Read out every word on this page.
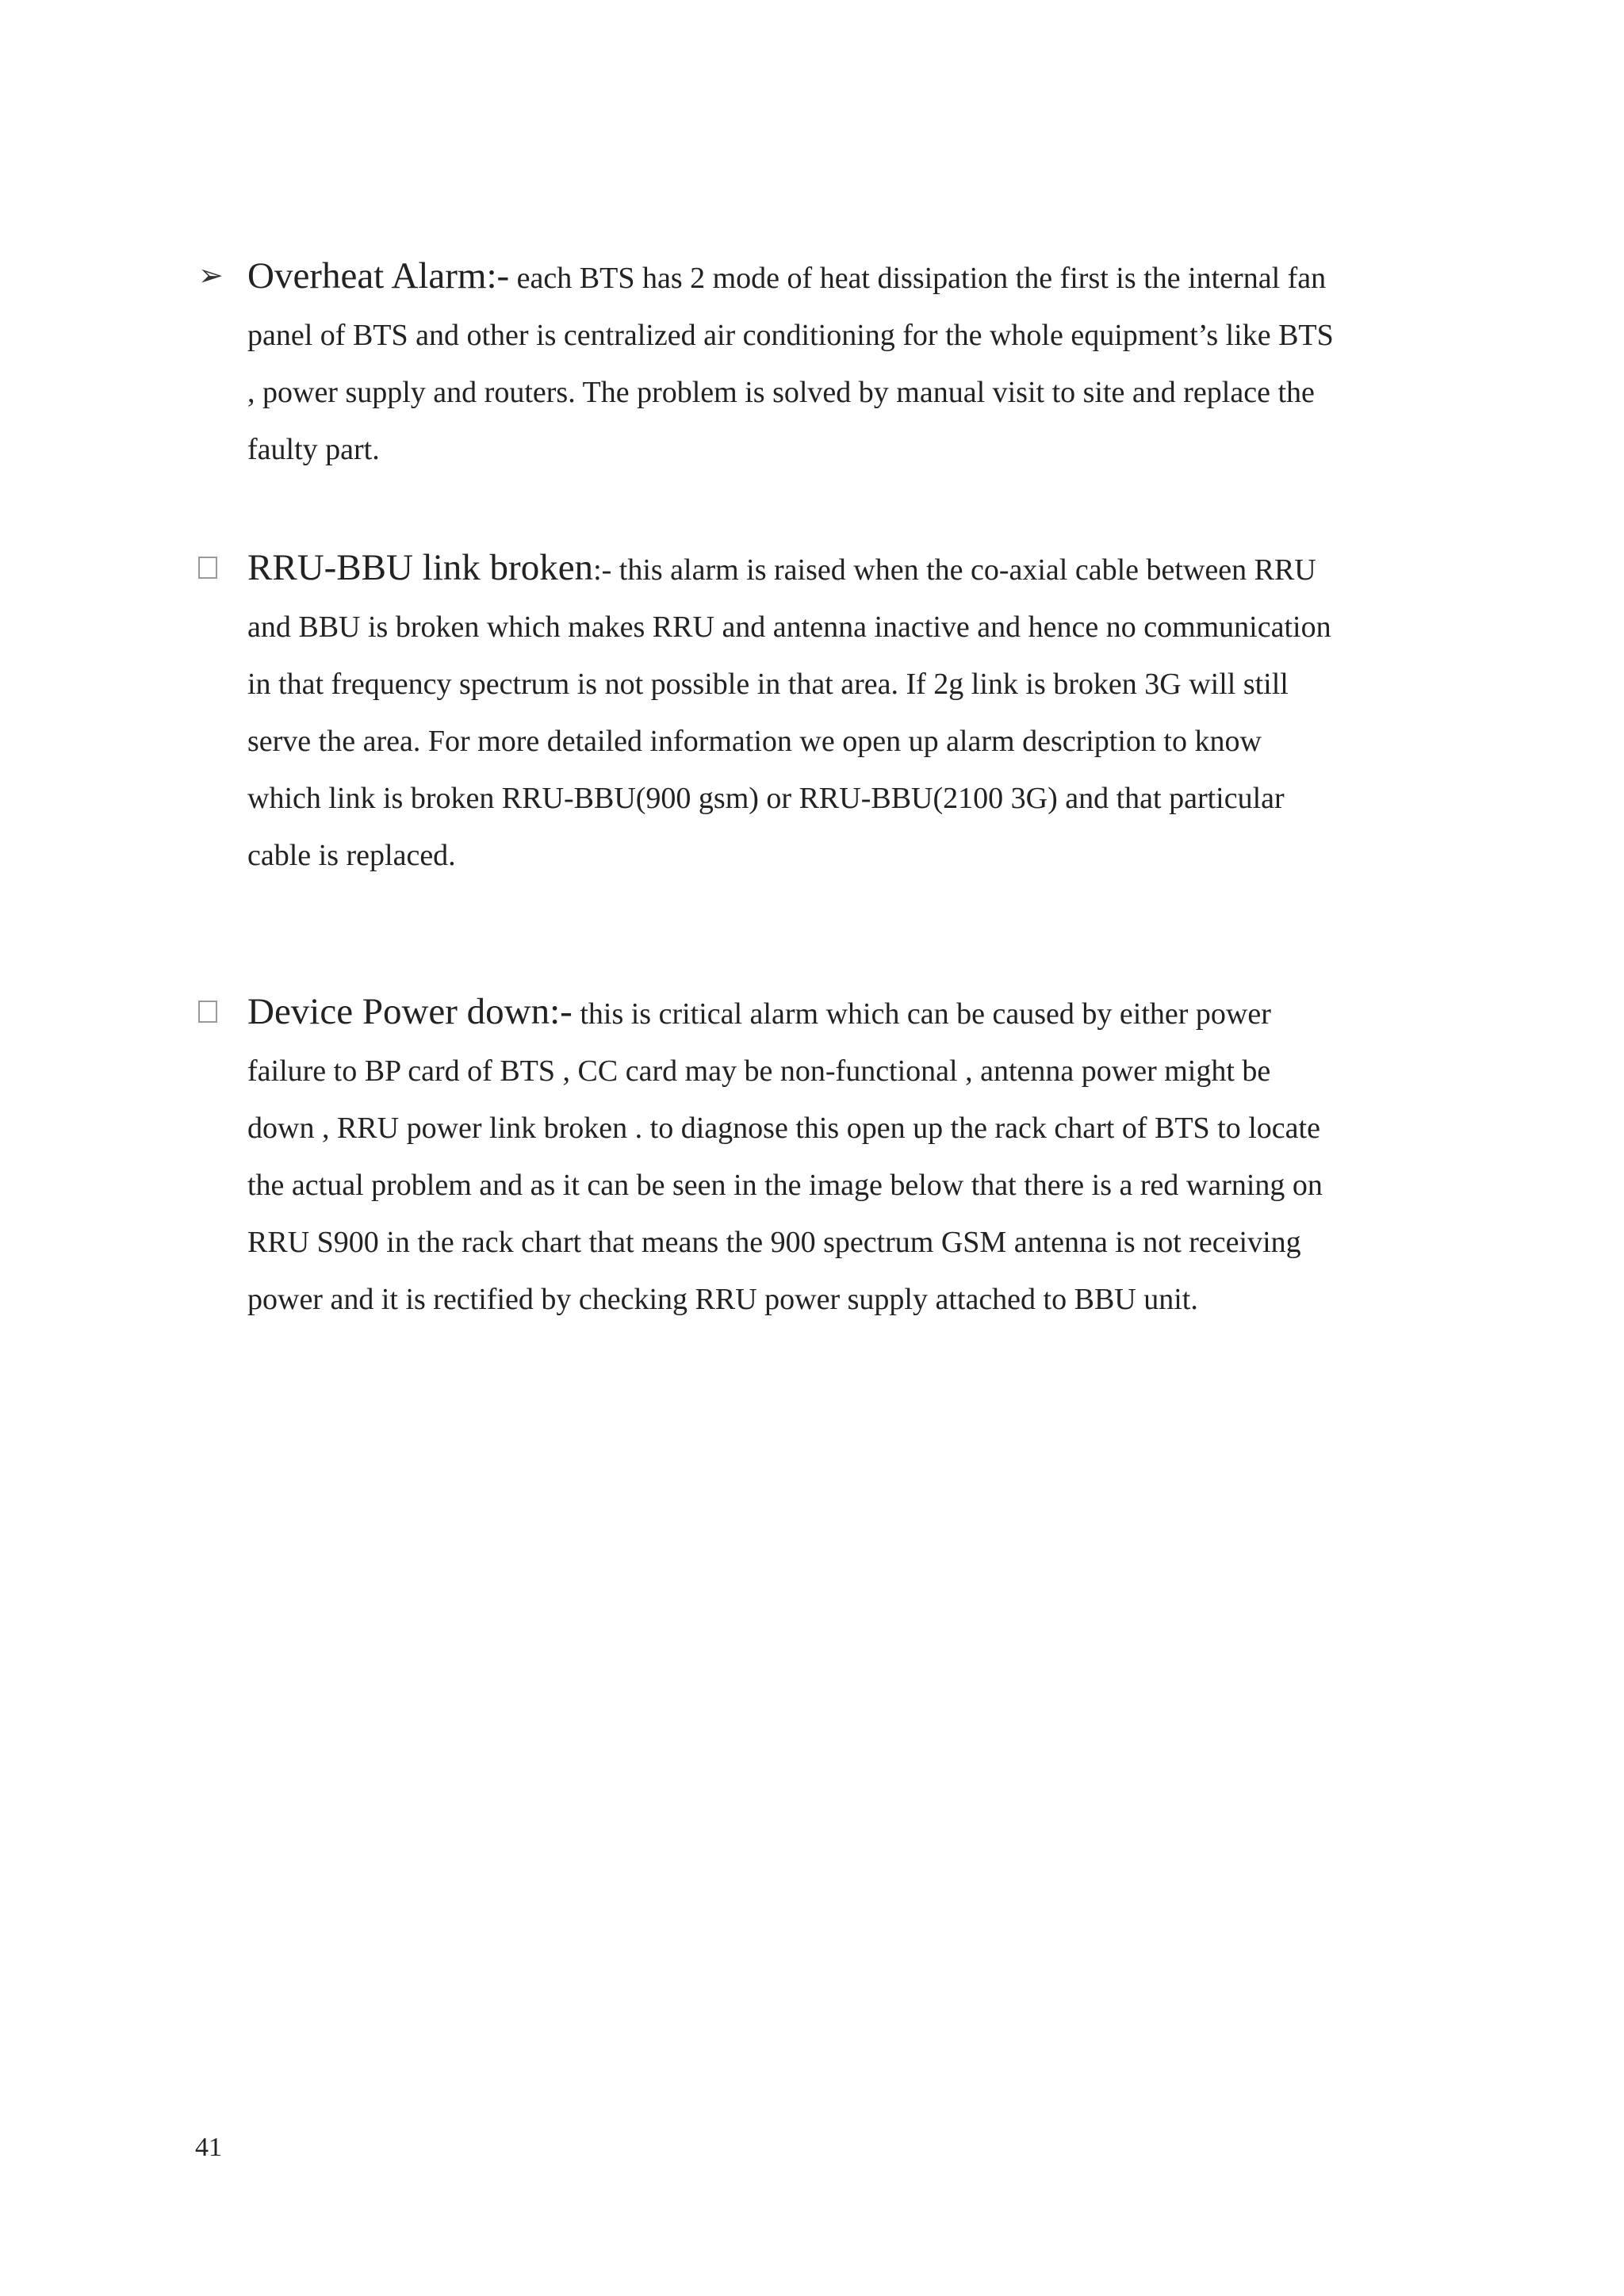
➢ Overheat Alarm:- each BTS has 2 mode of heat dissipation the first is the internal fan
panel of BTS and other is centralized air conditioning for the whole equipment’s like BTS
, power supply and routers. The problem is solved by manual visit to site and replace the
faulty part.

RRU-BBU link broken:- this alarm is raised when the co-axial cable between RRU
and BBU is broken which makes RRU and antenna inactive and hence no communication
in that frequency spectrum is not possible in that area. If 2g link is broken 3G will still
serve the area. For more detailed information we open up alarm description to know
which link is broken RRU-BBU(900 gsm) or RRU-BBU(2100 3G) and that particular
cable is replaced.

Device Power down:- this is critical alarm which can be caused by either power
failure to BP card of BTS , CC card may be non-functional , antenna power might be
down , RRU power link broken . to diagnose this open up the rack chart of BTS to locate
the actual problem and as it can be seen in the image below that there is a red warning on
RRU S900 in the rack chart that means the 900 spectrum GSM antenna is not receiving
power and it is rectified by checking RRU power supply attached to BBU unit.

41
